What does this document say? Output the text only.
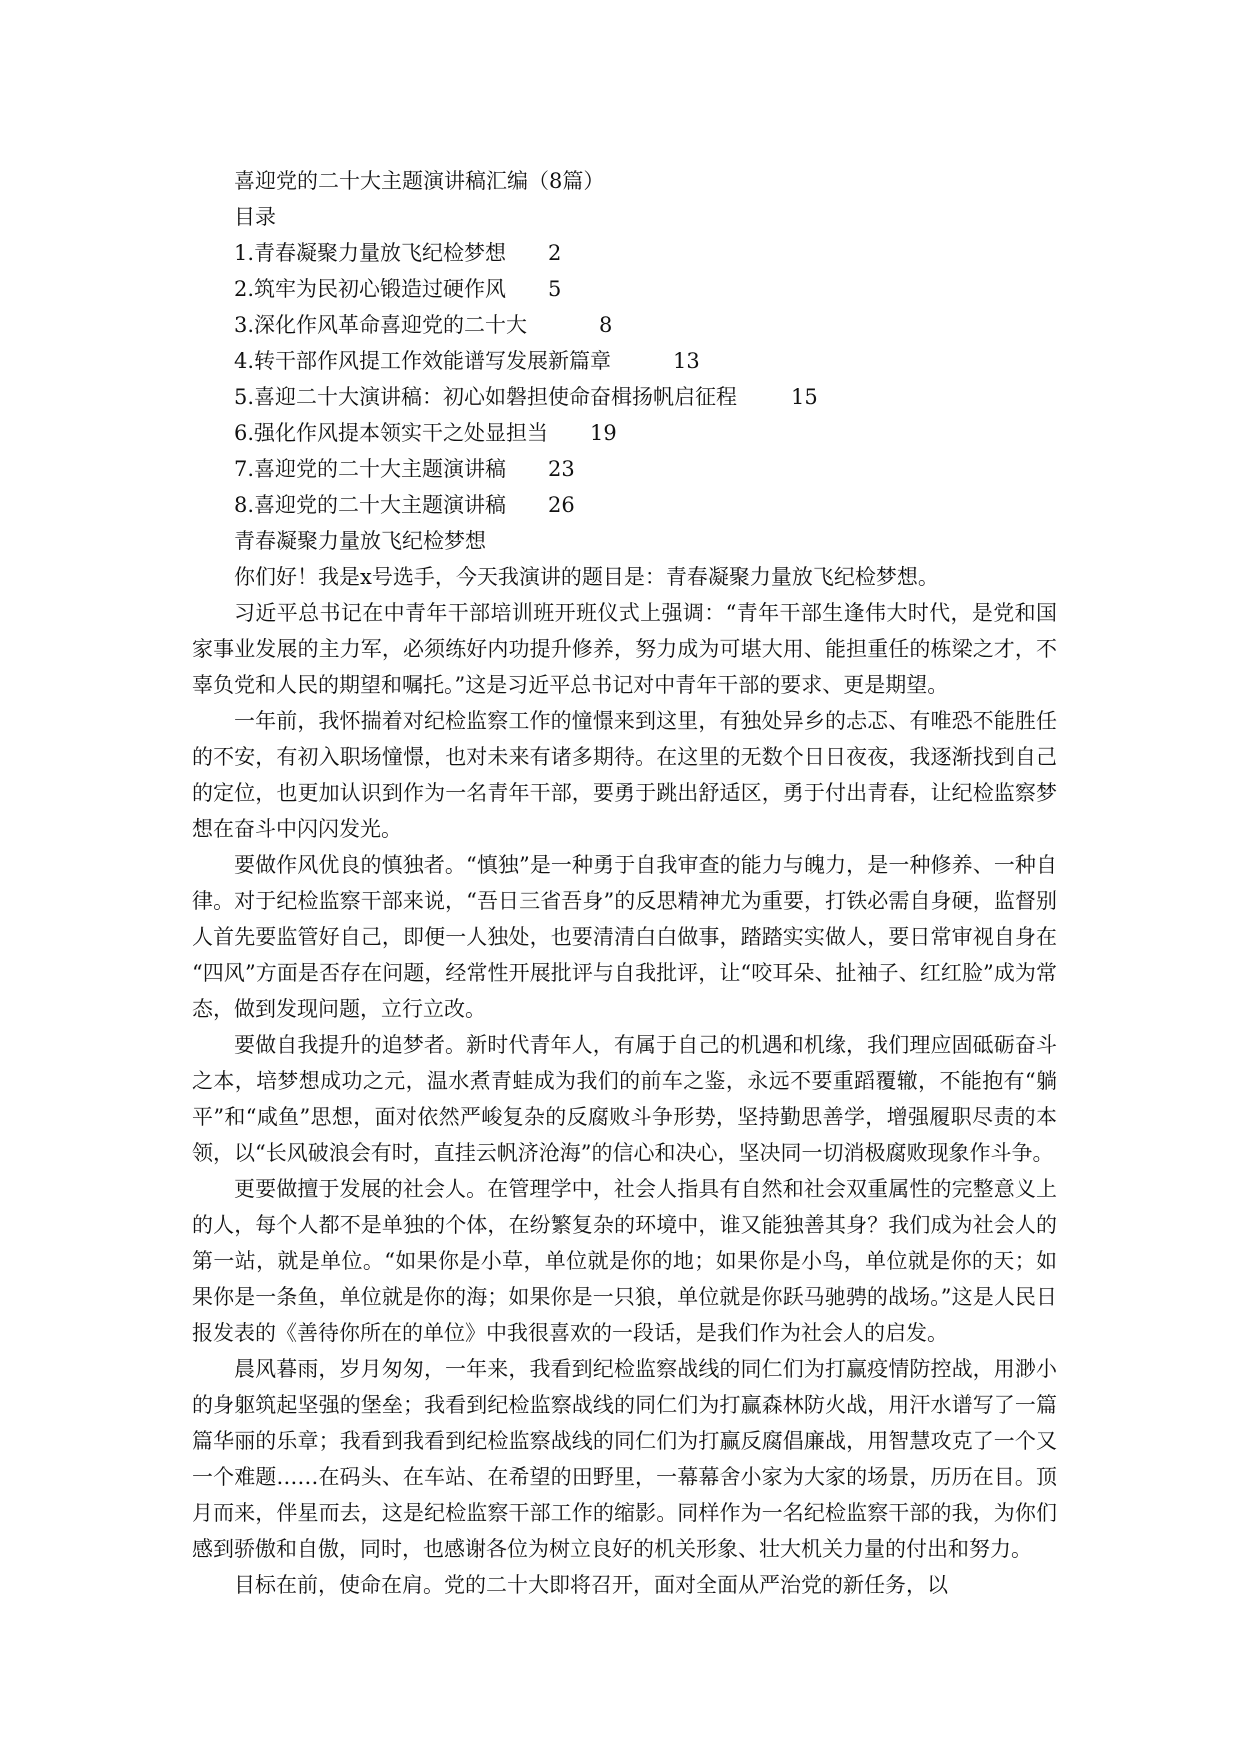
喜迎党的二十大主题演讲稿汇编（8篇）
目录
1.青春凝聚力量放飞纪检梦想 2
2.筑牢为民初心锻造过硬作风 5
3.深化作风革命喜迎党的二十大	8
4.转干部作风提工作效能谱写发展新篇章	13
5.喜迎二十大演讲稿：初心如磐担使命奋楫扬帆启征程	15
6.强化作风提本领实干之处显担当 19
7.喜迎党的二十大主题演讲稿 23
8.喜迎党的二十大主题演讲稿 26
青春凝聚力量放飞纪检梦想
你们好！我是x号选手，今天我演讲的题目是：青春凝聚力量放飞纪检梦想。

习近平总书记在中青年干部培训班开班仪式上强调：“青年干部生逢伟大时代，是党和国家事业发展的主力军，必须练好内功提升修养，努力成为可堪大用、能担重任的栋梁之才，不辜负党和人民的期望和嘱托。”这是习近平总书记对中青年干部的要求、更是期望。

一年前，我怀揣着对纪检监察工作的憧憬来到这里，有独处异乡的忐忑、有唯恐不能胜任的不安，有初入职场憧憬，也对未来有诸多期待。在这里的无数个日日夜夜，我逐渐找到自己的定位，也更加认识到作为一名青年干部，要勇于跳出舒适区，勇于付出青春，让纪检监察梦想在奋斗中闪闪发光。

要做作风优良的慎独者。“慎独”是一种勇于自我审查的能力与魄力，是一种修养、一种自律。对于纪检监察干部来说，“吾日三省吾身”的反思精神尤为重要，打铁必需自身硬，监督别人首先要监管好自己，即便一人独处，也要清清白白做事，踏踏实实做人，要日常审视自身在“四风”方面是否存在问题，经常性开展批评与自我批评，让“咬耳朵、扯袖子、红红脸”成为常态，做到发现问题，立行立改。

要做自我提升的追梦者。新时代青年人，有属于自己的机遇和机缘，我们理应固砥砺奋斗之本，培梦想成功之元，温水煮青蛙成为我们的前车之鉴，永远不要重蹈覆辙，不能抱有“躺平”和“咸鱼”思想，面对依然严峻复杂的反腐败斗争形势，坚持勤思善学，增强履职尽责的本领，以“长风破浪会有时，直挂云帆济沧海”的信心和决心，坚决同一切消极腐败现象作斗争。

更要做擅于发展的社会人。在管理学中，社会人指具有自然和社会双重属性的完整意义上的人，每个人都不是单独的个体，在纷繁复杂的环境中，谁又能独善其身？我们成为社会人的第一站，就是单位。“如果你是小草，单位就是你的地；如果你是小鸟，单位就是你的天；如果你是一条鱼，单位就是你的海；如果你是一只狼，单位就是你跃马驰骋的战场。”这是人民日报发表的《善待你所在的单位》中我很喜欢的一段话，是我们作为社会人的启发。

晨风暮雨，岁月匆匆，一年来，我看到纪检监察战线的同仁们为打赢疫情防控战，用渺小的身躯筑起坚强的堡垒；我看到纪检监察战线的同仁们为打赢森林防火战，用汗水谱写了一篇篇华丽的乐章；我看到我看到纪检监察战线的同仁们为打赢反腐倡廉战，用智慧攻克了一个又一个难题……在码头、在车站、在希望的田野里，一幕幕舍小家为大家的场景，历历在目。顶月而来，伴星而去，这是纪检监察干部工作的缩影。同样作为一名纪检监察干部的我，为你们感到骄傲和自傲，同时，也感谢各位为树立良好的机关形象、壮大机关力量的付出和努力。

目标在前，使命在肩。党的二十大即将召开，面对全面从严治党的新任务，以
